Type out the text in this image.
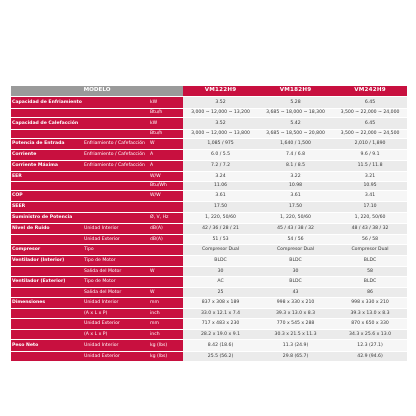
MODELO			VM122H9	VM182H9	VM242H9
Capacidad de Enfriamiento		kW	3.52	5.28	6.45
		Btu/h	3,000 ~ 12,000 ~ 13,200	3,685 ~ 18,000 ~ 18,300	3,500 ~ 22,000 ~ 24,000
Capacidad de Calefacción		kW	3.52	5.42	6.45
		Btu/h	3,000 ~ 12,000 ~ 13,800	3,685 ~ 18,500 ~ 20,800	3,500 ~ 22,000 ~ 24,500
Potencia de Entrada	Enfriamiento / Cafefacción	W	1,085 / 975	1,640 / 1,500	2,010 / 1,890
Corriente	Enfriamiento / Cafefacción	A	6.0 / 5.5	7.4 / 6.8	9.6 / 9.1
Corriente Máxima	Enfriamiento / Cafefacción	A	7.2 / 7.2	8.1 / 8.5	11.5 / 11.8
EER		W/W	3.24	3.22	3.21
		Btu/Wh	11.06	10.98	10.95
COP		W/W	3.61	3.61	3.41
SEER			17.50	17.50	17.10
Suministro de Potencia		Ø, V, Hz	1, 220, 50/60	1, 220, 50/60	1, 220, 50/60
Nivel de Ruido	Unidad Interior	dB(A)	42 / 36 / 28 / 21	45 / 43 / 38 / 32	48 / 43 / 38 / 32
	Unidad Exterior	dB(A)	51 / 53	54 / 56	56 / 58
Compresor	Tipo		Compresor Dual	Compresor Dual	Compresor Dual
Ventilador (Interior)	Tipo de Motor		BLDC	BLDC	BLDC
	Salida del Motor	W	30	30	58
Ventilador (Exterior)	Tipo de Motor		AC	BLDC	BLDC
	Salida del Motor	W	25	43	86
Dimensiones	Unidad Interior	mm	837 x 308 x 189	998 x 330 x 210	998 x 330 x 210
	(A x L x P)	inch	33.0 x 12.1 x 7.4	39.3 x 13.0 x 8.3	39.3 x 13.0 x 8.3
	Unidad Exterior	mm	717 x 483 x 230	770 x 545 x 288	870 x 650 x 330
	(A x L x P)	inch	28.2 x 19.0 x 9.1	30.3 x 21.5 x 11.3	34.3 x 25.6 x 13.0
Peso Neto	Unidad Interior	kg (lbs)	8.42 (18.6)	11.3 (24.9)	12.3 (27.1)
	Unidad Exterior	kg (lbs)	25.5 (56.2)	29.8 (65.7)	42.9 (94.6)
